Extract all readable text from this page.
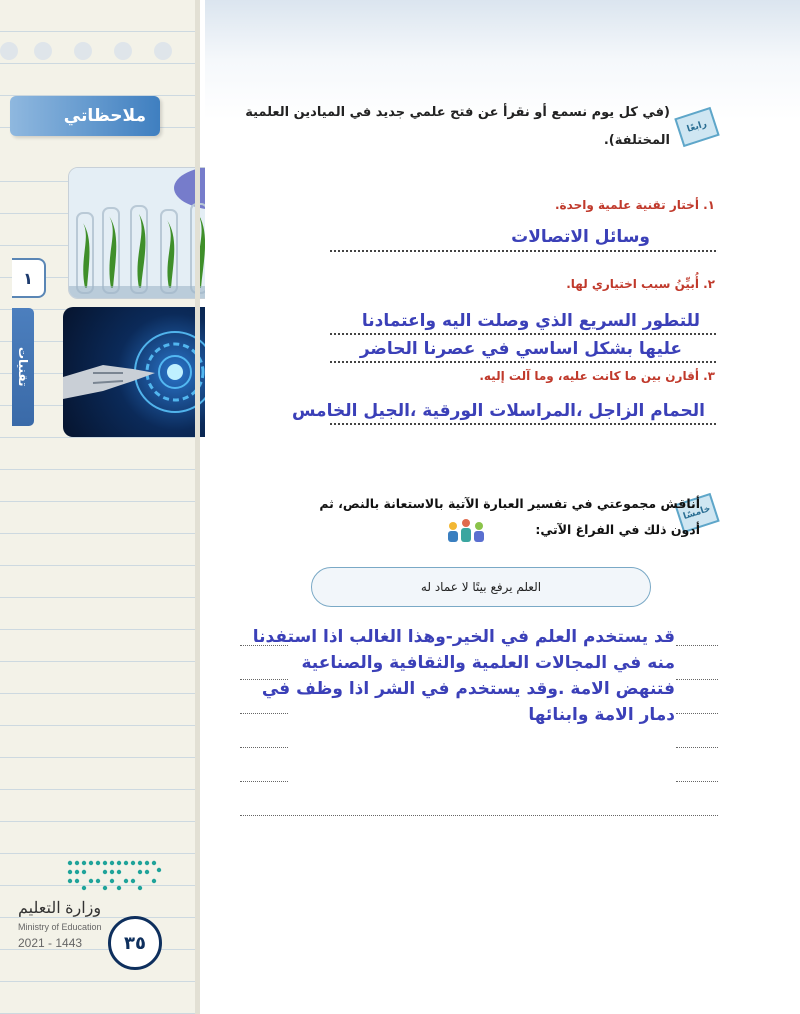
ملاحظاتي
١
تقنيات
وزارة التعليم
Ministry of Education
2021 - 1443	٣٥
رابعًا
(في كل يوم نسمع أو نقرأ عن فتح علمي جديد في الميادين العلمية المختلفة).
١. أختار تقنية علمية واحدة.
وسائل الاتصالات
٢. أُبيِّنُ سبب اختياري لها.
للتطور السريع الذي وصلت اليه واعتمادنا
عليها بشكل اساسي في عصرنا الحاضر
٣. أقارن بين ما كانت عليه، وما آلت إليه.
الحمام الزاجل ،المراسلات الورقية ،الجيل الخامس
خامسًا
أناقش مجموعتي في تفسير العبارة الآتية بالاستعانة بالنص، ثم أدون ذلك في الفراغ الآتي:
العلم يرفع بيتًا لا عماد له
قد يستخدم العلم في الخير-وهذا الغالب اذا استفدنا
منه في المجالات العلمية والثقافية والصناعية
فتنهض الامة .وقد يستخدم في الشر اذا وظف في
دمار الامة وابنائها
